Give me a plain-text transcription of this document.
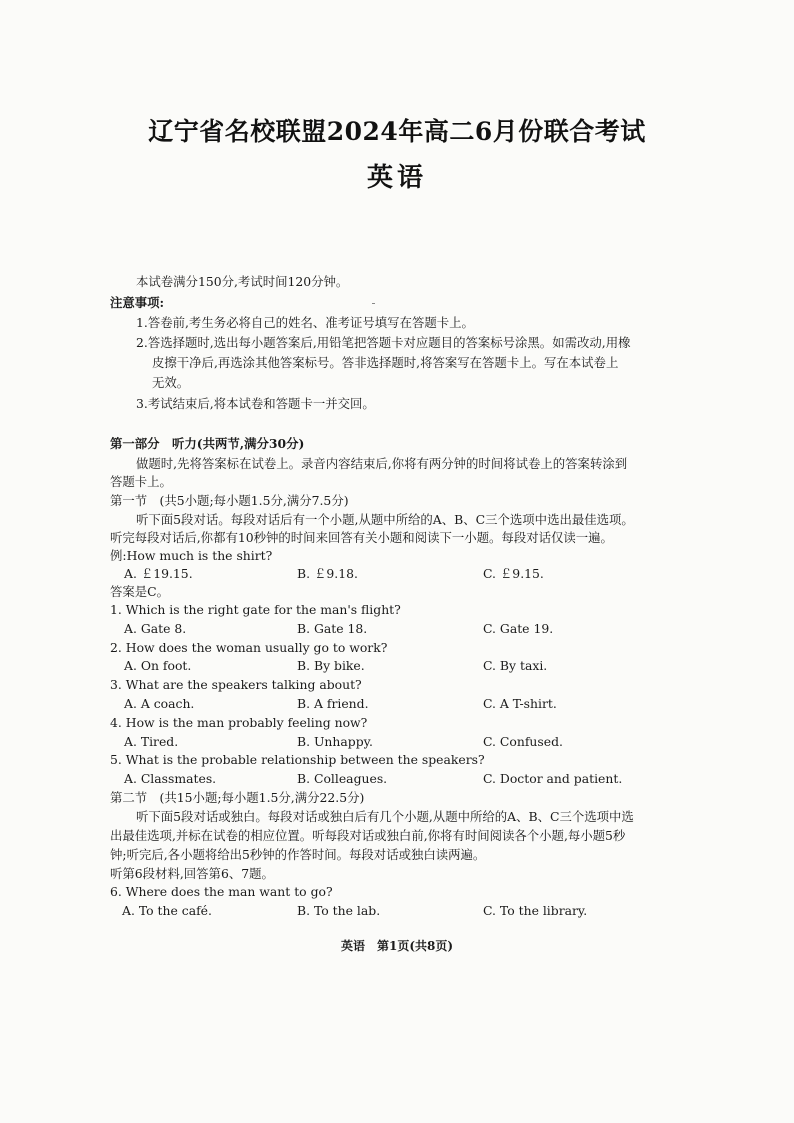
辽宁省名校联盟2024年高二6月份联合考试
英语
本试卷满分150分,考试时间120分钟。
注意事项:
1.答卷前,考生务必将自己的姓名、准考证号填写在答题卡上。
2.答选择题时,选出每小题答案后,用铅笔把答题卡对应题目的答案标号涂黑。如需改动,用橡
皮擦干净后,再选涂其他答案标号。答非选择题时,将答案写在答题卡上。写在本试卷上
无效。
3.考试结束后,将本试卷和答题卡一并交回。
第一部分　听力(共两节,满分30分)
做题时,先将答案标在试卷上。录音内容结束后,你将有两分钟的时间将试卷上的答案转涂到
答题卡上。
第一节　(共5小题;每小题1.5分,满分7.5分)
听下面5段对话。每段对话后有一个小题,从题中所给的A、B、C三个选项中选出最佳选项。
听完每段对话后,你都有10秒钟的时间来回答有关小题和阅读下一小题。每段对话仅读一遍。
例:How much is the shirt?
A. ￡19.15.	B. ￡9.18.	C. ￡9.15.
答案是C。
1. Which is the right gate for the man's flight?
A. Gate 8.	B. Gate 18.	C. Gate 19.
2. How does the woman usually go to work?
A. On foot.	B. By bike.	C. By taxi.
3. What are the speakers talking about?
A. A coach.	B. A friend.	C. A T-shirt.
4. How is the man probably feeling now?
A. Tired.	B. Unhappy.	C. Confused.
5. What is the probable relationship between the speakers?
A. Classmates.	B. Colleagues.	C. Doctor and patient.
第二节　(共15小题;每小题1.5分,满分22.5分)
听下面5段对话或独白。每段对话或独白后有几个小题,从题中所给的A、B、C三个选项中选
出最佳选项,并标在试卷的相应位置。听每段对话或独白前,你将有时间阅读各个小题,每小题5秒
钟;听完后,各小题将给出5秒钟的作答时间。每段对话或独白读两遍。
听第6段材料,回答第6、7题。
6. Where does the man want to go?
A. To the café.	B. To the lab.	C. To the library.
英语　第1页(共8页)
